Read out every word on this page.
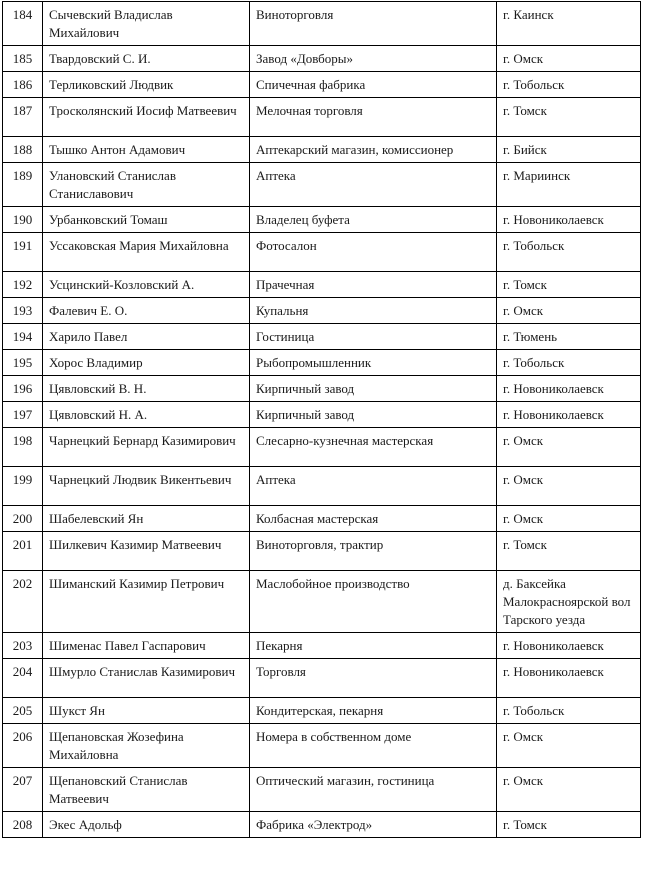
184	Сычевский Владислав Михайлович	Виноторговля	г. Каинск
185	Твардовский С. И.	Завод «Довборы»	г. Омск
186	Терликовский Людвик	Спичечная фабрика	г. Тобольск
187	Тросколянский Иосиф Матвеевич	Мелочная торговля	г. Томск
188	Тышко Антон Адамович	Аптекарский магазин, комиссионер	г. Бийск
189	Улановский Станислав Станиславович	Аптека	г. Мариинск
190	Урбанковский Томаш	Владелец буфета	г. Новониколаевск
191	Уссаковская Мария Михайловна	Фотосалон	г. Тобольск
192	Усцинский-Козловский А.	Прачечная	г. Томск
193	Фалевич Е. О.	Купальня	г. Омск
194	Харило Павел	Гостиница	г. Тюмень
195	Хорос Владимир	Рыбопромышленник	г. Тобольск
196	Цявловский В. Н.	Кирпичный завод	г. Новониколаевск
197	Цявловский Н. А.	Кирпичный завод	г. Новониколаевск
198	Чарнецкий Бернард Казимирович	Слесарно-кузнечная мастерская	г. Омск
199	Чарнецкий Людвик Викентьевич	Аптека	г. Омск
200	Шабелевский Ян	Колбасная мастерская	г. Омск
201	Шилкевич Казимир Матвеевич	Виноторговля, трактир	г. Томск
202	Шиманский Казимир Петрович	Маслобойное производство	д. Баксейка Малокрасноярской вол Тарского уезда
203	Шименас Павел Гаспарович	Пекарня	г. Новониколаевск
204	Шмурло Станислав Казимирович	Торговля	г. Новониколаевск
205	Шукст Ян	Кондитерская, пекарня	г. Тобольск
206	Щепановская Жозефина Михайловна	Номера в собственном доме	г. Омск
207	Щепановский Станислав Матвеевич	Оптический магазин, гостиница	г. Омск
208	Экес Адольф	Фабрика «Электрод»	г. Томск
